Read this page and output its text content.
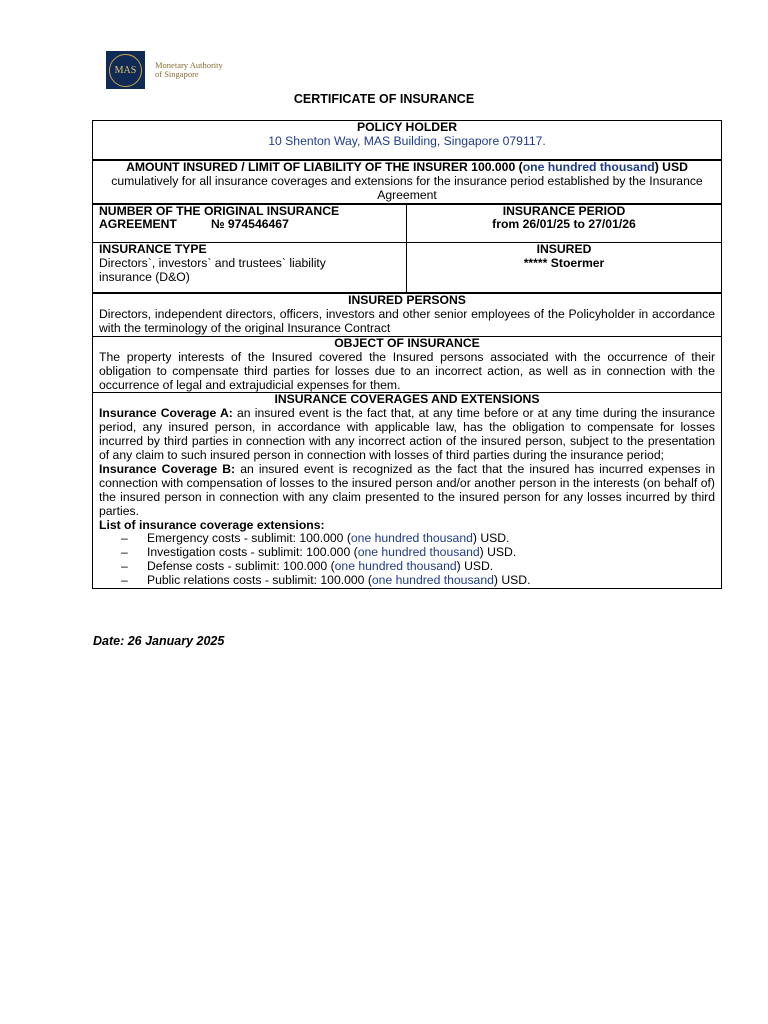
MAS	Monetary Authority
of Singapore
CERTIFICATE OF INSURANCE
POLICY HOLDER
10 Shenton Way, MAS Building, Singapore 079117.
AMOUNT INSURED / LIMIT OF LIABILITY OF THE INSURER 100.000 (one hundred thousand) USD
cumulatively for all insurance coverages and extensions for the insurance period established by the Insurance Agreement
NUMBER OF THE ORIGINAL INSURANCE
AGREEMENT	№ 974546467
INSURANCE PERIOD
from 26/01/25 to 27/01/26
INSURANCE TYPE
Directors`, investors` and trustees` liability insurance (D&O)
INSURED
***** Stoermer
INSURED PERSONS
Directors, independent directors, officers, investors and other senior employees of the Policyholder in accordance with the terminology of the original Insurance Contract
OBJECT OF INSURANCE
The property interests of the Insured covered the Insured persons associated with the occurrence of their obligation to compensate third parties for losses due to an incorrect action, as well as in connection with the occurrence of legal and extrajudicial expenses for them.
INSURANCE COVERAGES AND EXTENSIONS
Insurance Coverage A: an insured event is the fact that, at any time before or at any time during the insurance period, any insured person, in accordance with applicable law, has the obligation to compensate for losses incurred by third parties in connection with any incorrect action of the insured person, subject to the presentation of any claim to such insured person in connection with losses of third parties during the insurance period;
Insurance Coverage B: an insured event is recognized as the fact that the insured has incurred expenses in connection with compensation of losses to the insured person and/or another person in the interests (on behalf of) the insured person in connection with any claim presented to the insured person for any losses incurred by third parties.
List of insurance coverage extensions:
– Emergency costs - sublimit: 100.000 (one hundred thousand) USD.
– Investigation costs - sublimit: 100.000 (one hundred thousand) USD.
– Defense costs - sublimit: 100.000 (one hundred thousand) USD.
– Public relations costs - sublimit: 100.000 (one hundred thousand) USD.
Date: 26 January 2025
